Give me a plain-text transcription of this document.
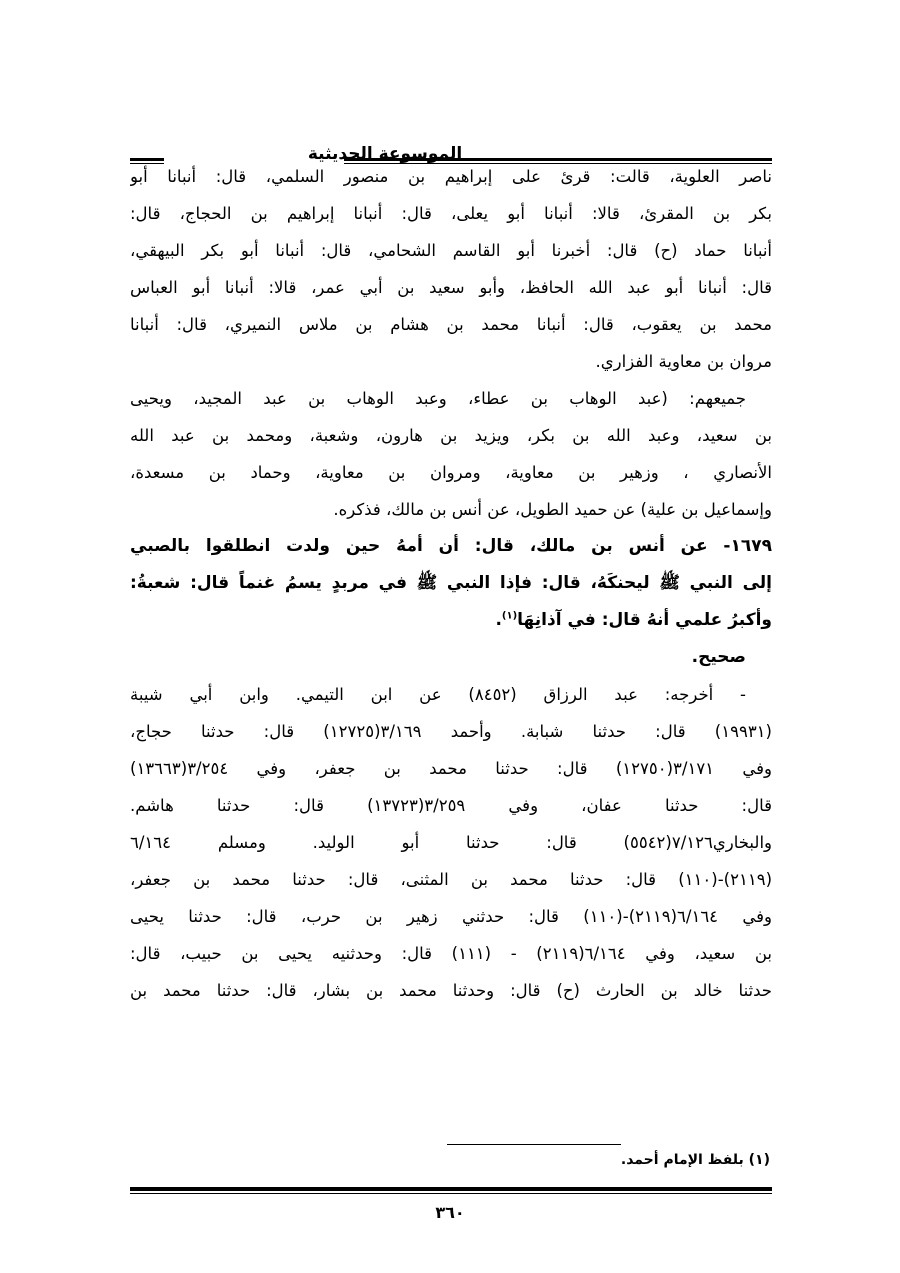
الموسوعة الحديثية
ناصر العلوية، قالت: قرئ على إبراهيم بن منصور السلمي، قال: أنبانا أبو
بكر بن المقرئ، قالا: أنبانا أبو يعلى، قال: أنبانا إبراهيم بن الحجاج، قال:
أنبانا حماد (ح) قال: أخبرنا أبو القاسم الشحامي، قال: أنبانا أبو بكر البيهقي،
قال: أنبانا أبو عبد الله الحافظ، وأبو سعيد بن أبي عمر، قالا: أنبانا أبو العباس
محمد بن يعقوب، قال: أنبانا محمد بن هشام بن ملاس النميري، قال: أنبانا
مروان بن معاوية الفزاري.
جميعهم: (عبد الوهاب بن عطاء، وعبد الوهاب بن عبد المجيد، ويحيى
بن سعيد، وعبد الله بن بكر، ويزيد بن هارون، وشعبة، ومحمد بن عبد الله
الأنصاري ، وزهير بن معاوية، ومروان بن معاوية، وحماد بن مسعدة،
وإسماعيل بن علية) عن حميد الطويل، عن أنس بن مالك، فذكره.
١٦٧٩- عن أنس بن مالك، قال: أن أمهُ حين ولدت انطلقوا بالصبي
إلى النبي ﷺ ليحنكَهُ، قال: فإذا النبي ﷺ في مربدٍ يسمُ غنماً قال: شعبةُ:
وأكبرُ علمي أنهُ قال: في آذانِهَا$^{(١)}$.
صحيح.
- أخرجه: عبد الرزاق (٨٤٥٢) عن ابن التيمي. وابن أبي شيبة
(١٩٩٣١) قال: حدثنا شبابة. وأحمد ٣/١٦٩(١٢٧٢٥) قال: حدثنا حجاج،
وفي ٣/١٧١(١٢٧٥٠) قال: حدثنا محمد بن جعفر، وفي ٣/٢٥٤(١٣٦٦٣)
قال: حدثنا عفان، وفي ٣/٢٥٩(١٣٧٢٣) قال: حدثنا هاشم.
والبخاري٧/١٢٦(٥٥٤٢) قال: حدثنا أبو الوليد. ومسلم ٦/١٦٤
(٢١١٩)-(١١٠) قال: حدثنا محمد بن المثنى، قال: حدثنا محمد بن جعفر،
وفي ٦/١٦٤(٢١١٩)-(١١٠) قال: حدثني زهير بن حرب، قال: حدثنا يحيى
بن سعيد، وفي ٦/١٦٤(٢١١٩) - (١١١) قال: وحدثنيه يحيى بن حبيب، قال:
حدثنا خالد بن الحارث (ح) قال: وحدثنا محمد بن بشار، قال: حدثنا محمد بن
(١) بلفظ الإمام أحمد.
٣٦٠
